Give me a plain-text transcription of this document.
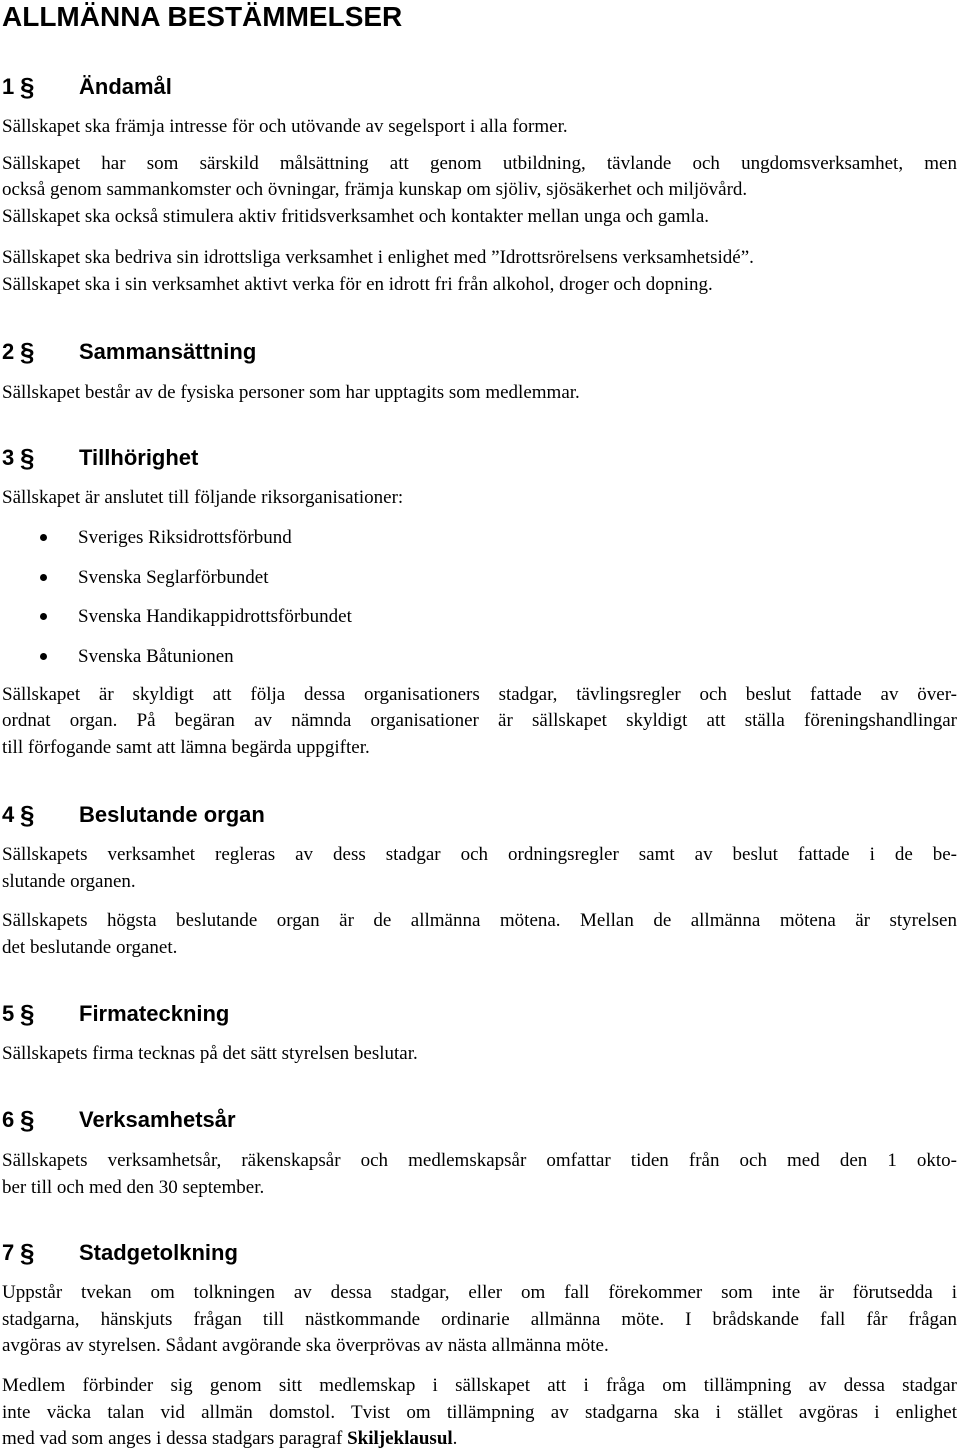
ALLMÄNNA BESTÄMMELSER
1 § Ändamål
Sällskapet ska främja intresse för och utövande av segelsport i alla former.
Sällskapet har som särskild målsättning att genom utbildning, tävlande och ungdomsverksamhet, men
också genom sammankomster och övningar, främja kunskap om sjöliv, sjösäkerhet och miljövård.
Sällskapet ska också stimulera aktiv fritidsverksamhet och kontakter mellan unga och gamla.
Sällskapet ska bedriva sin idrottsliga verksamhet i enlighet med ”Idrottsrörelsens verksamhetsidé”.
Sällskapet ska i sin verksamhet aktivt verka för en idrott fri från alkohol, droger och dopning.
2 § Sammansättning
Sällskapet består av de fysiska personer som har upptagits som medlemmar.
3 § Tillhörighet
Sällskapet är anslutet till följande riksorganisationer:
Sveriges Riksidrottsförbund
Svenska Seglarförbundet
Svenska Handikappidrottsförbundet
Svenska Båtunionen
Sällskapet är skyldigt att följa dessa organisationers stadgar, tävlingsregler och beslut fattade av över-
ordnat organ. På begäran av nämnda organisationer är sällskapet skyldigt att ställa föreningshandlingar
till förfogande samt att lämna begärda uppgifter.
4 § Beslutande organ
Sällskapets verksamhet regleras av dess stadgar och ordningsregler samt av beslut fattade i de be-
slutande organen.
Sällskapets högsta beslutande organ är de allmänna mötena. Mellan de allmänna mötena är styrelsen
det beslutande organet.
5 § Firmateckning
Sällskapets firma tecknas på det sätt styrelsen beslutar.
6 § Verksamhetsår
Sällskapets verksamhetsår, räkenskapsår och medlemskapsår omfattar tiden från och med den 1 okto-
ber till och med den 30 september.
7 § Stadgetolkning
Uppstår tvekan om tolkningen av dessa stadgar, eller om fall förekommer som inte är förutsedda i
stadgarna, hänskjuts frågan till nästkommande ordinarie allmänna möte. I brådskande fall får frågan
avgöras av styrelsen. Sådant avgörande ska överprövas av nästa allmänna möte.
Medlem förbinder sig genom sitt medlemskap i sällskapet att i fråga om tillämpning av dessa stadgar
inte väcka talan vid allmän domstol. Tvist om tillämpning av stadgarna ska i stället avgöras i enlighet
med vad som anges i dessa stadgars paragraf Skiljeklausul.
